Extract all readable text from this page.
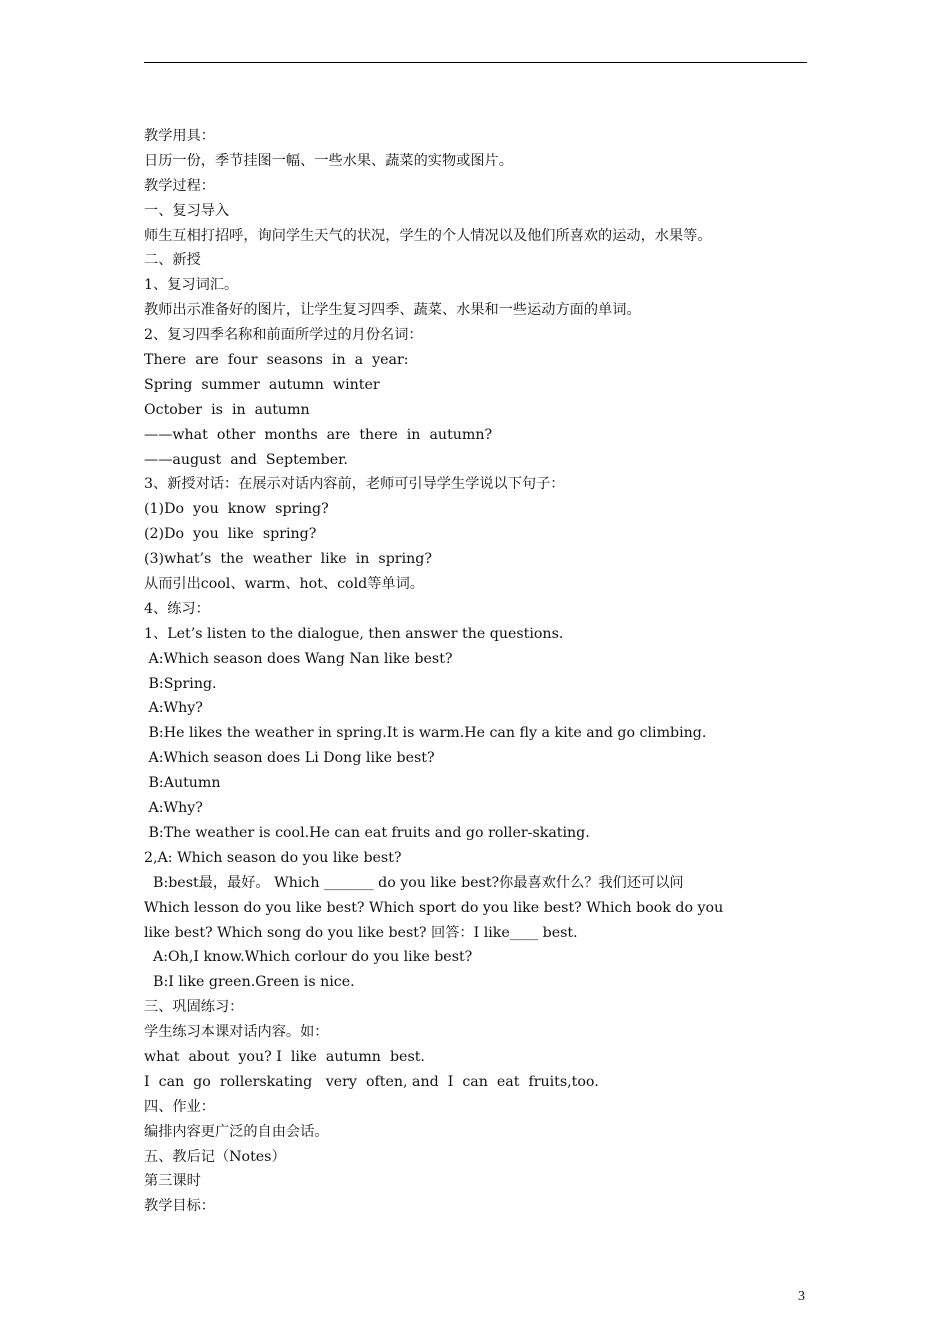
教学用具：
日历一份，季节挂图一幅、一些水果、蔬菜的实物或图片。
教学过程：
一、复习导入
师生互相打招呼，询问学生天气的状况，学生的个人情况以及他们所喜欢的运动，水果等。
二、新授
1、复习词汇。
教师出示准备好的图片，让学生复习四季、蔬菜、水果和一些运动方面的单词。
2、复习四季名称和前面所学过的月份名词：
There  are  four  seasons  in  a  year:
Spring  summer  autumn  winter
October  is  in  autumn
——what  other  months  are  there  in  autumn?
——august  and  September.
3、新授对话：在展示对话内容前，老师可引导学生学说以下句子：
(1)Do  you  know  spring?
(2)Do  you  like  spring?
(3)what’s  the  weather  like  in  spring?
从而引出cool、warm、hot、cold等单词。
4、练习：
1、Let’s listen to the dialogue, then answer the questions.
A:Which season does Wang Nan like best?
B:Spring.
A:Why?
B:He likes the weather in spring.It is warm.He can fly a kite and go climbing.
A:Which season does Li Dong like best?
B:Autumn
A:Why?
B:The weather is cool.He can eat fruits and go roller-skating.
2,A: Which season do you like best?
B:best最，最好。 Which _______ do you like best?你最喜欢什么？我们还可以问
Which lesson do you like best? Which sport do you like best? Which book do you
like best? Which song do you like best? 回答：I like____ best.
A:Oh,I know.Which corlour do you like best?
B:I like green.Green is nice.
三、巩固练习：
学生练习本课对话内容。如：
what  about  you? I  like  autumn  best.
I  can  go  rollerskating   very  often, and  I  can  eat  fruits,too.
四、作业：
编排内容更广泛的自由会话。
五、教后记（Notes）
第三课时
教学目标：
3
